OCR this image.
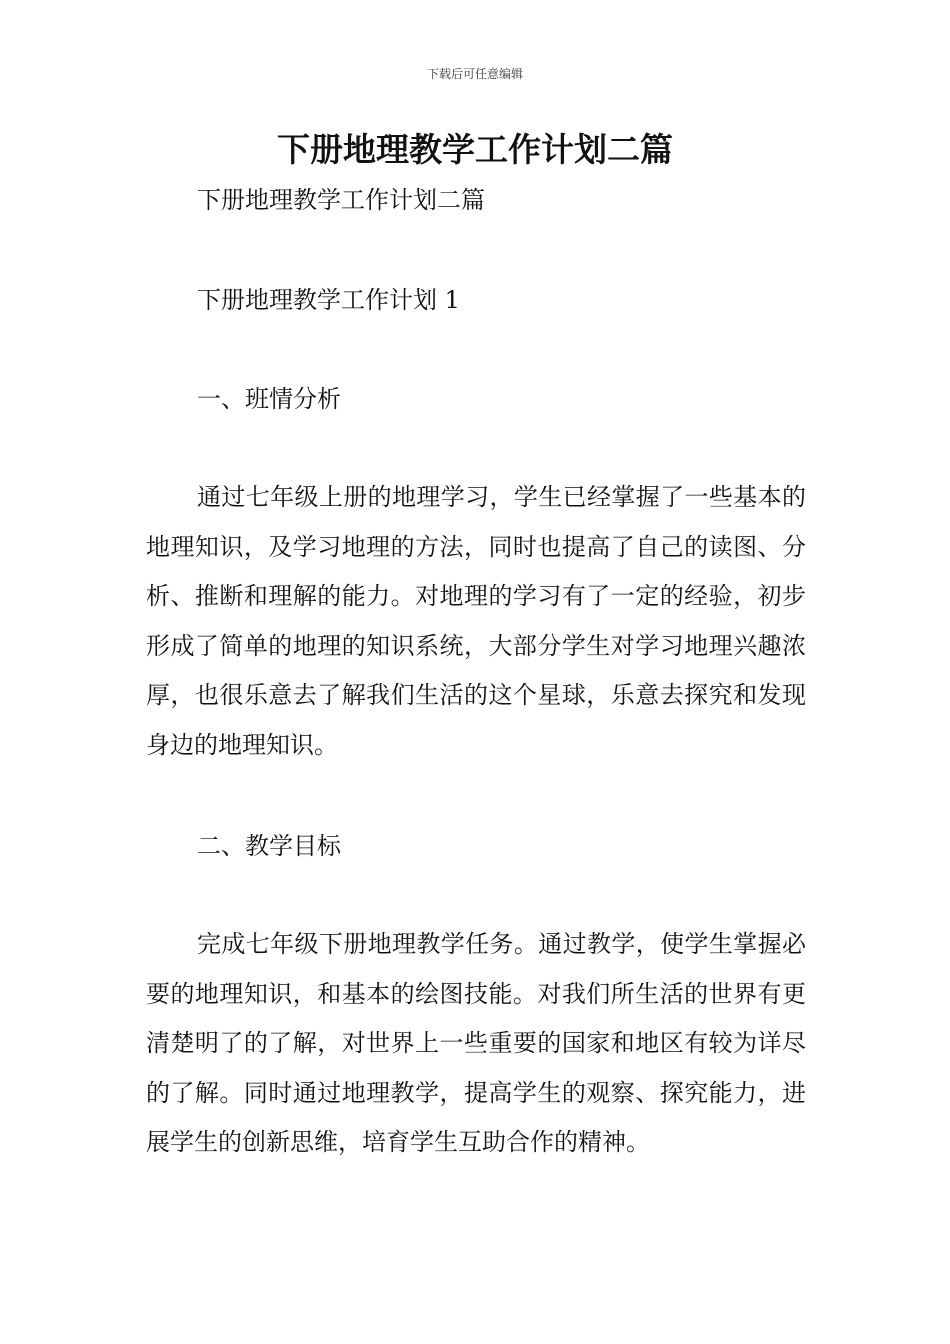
下载后可任意编辑
下册地理教学工作计划二篇
下册地理教学工作计划二篇
下册地理教学工作计划 1
一、班情分析

通过七年级上册的地理学习，学生已经掌握了一些基本的地理知识，及学习地理的方法，同时也提高了自己的读图、分析、推断和理解的能力。对地理的学习有了一定的经验，初步形成了简单的地理的知识系统，大部分学生对学习地理兴趣浓厚，也很乐意去了解我们生活的这个星球，乐意去探究和发现身边的地理知识。

二、教学目标

完成七年级下册地理教学任务。通过教学，使学生掌握必要的地理知识，和基本的绘图技能。对我们所生活的世界有更清楚明了的了解，对世界上一些重要的国家和地区有较为详尽的了解。同时通过地理教学，提高学生的观察、探究能力，进展学生的创新思维，培育学生互助合作的精神。
